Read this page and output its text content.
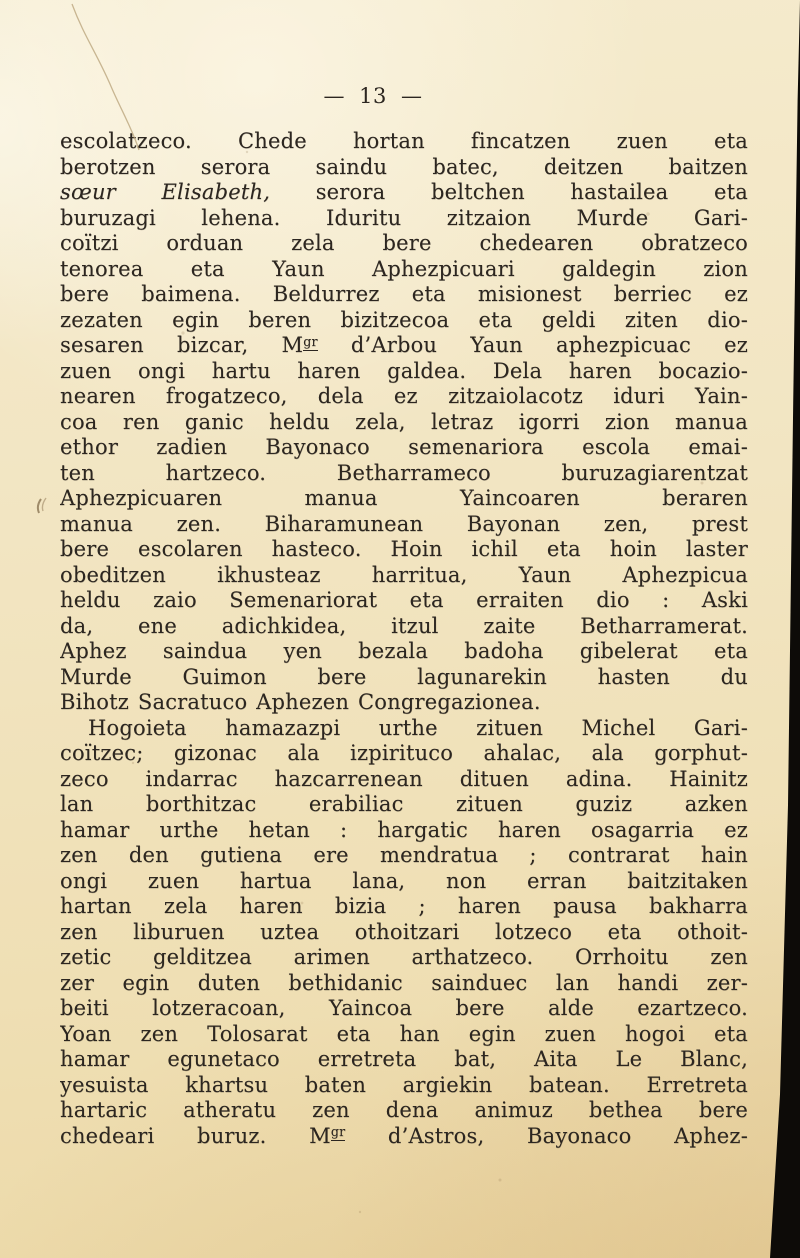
— 13 —
escolatzeco. Chede hortan fincatzen zuen eta
berotzen serora saindu batec, deitzen baitzen
sœur Elisabeth, serora beltchen hastailea eta
buruzagi lehena. Iduritu zitzaion Murde Gari-
coïtzi orduan zela bere chedearen obratzeco
tenorea eta Yaun Aphezpicuari galdegin zion
bere baimena. Beldurrez eta misionest berriec ez
zezaten egin beren bizitzecoa eta geldi ziten dio-
sesaren bizcar, $M^{gr}$ d’Arbou Yaun aphezpicuac ez
zuen ongi hartu haren galdea. Dela haren bocazio-
nearen frogatzeco, dela ez zitzaiolacotz iduri Yain-
coa ren ganic heldu zela, letraz igorri zion manua
ethor zadien Bayonaco semenariora escola emai-
ten hartzeco. Betharrameco buruzagiarentzat
Aphezpicuaren manua Yaincoaren beraren
manua zen. Biharamunean Bayonan zen, prest
bere escolaren hasteco. Hoin ichil eta hoin laster
obeditzen ikhusteaz harritua, Yaun Aphezpicua
heldu zaio Semenariorat eta erraiten dio : Aski
da, ene adichkidea, itzul zaite Betharramerat.
Aphez saindua yen bezala badoha gibelerat eta
Murde Guimon bere lagunarekin hasten du
Bihotz Sacratuco Aphezen Congregazionea.
Hogoieta hamazazpi urthe zituen Michel Gari-
coïtzec; gizonac ala izpirituco ahalac, ala gorphut-
zeco indarrac hazcarrenean dituen adina. Hainitz
lan borthitzac erabiliac zituen guziz azken
hamar urthe hetan : hargatic haren osagarria ez
zen den gutiena ere mendratua ; contrarat hain
ongi zuen hartua lana, non erran baitzitaken
hartan zela haren bizia ; haren pausa bakharra
zen liburuen uztea othoitzari lotzeco eta othoit-
zetic gelditzea arimen arthatzeco. Orrhoitu zen
zer egin duten bethidanic sainduec lan handi zer-
beiti lotzeracoan, Yaincoa bere alde ezartzeco.
Yoan zen Tolosarat eta han egin zuen hogoi eta
hamar egunetaco erretreta bat, Aita Le Blanc,
yesuista khartsu baten argiekin batean. Erretreta
hartaric atheratu zen dena animuz bethea bere
chedeari buruz. $M^{gr}$ d’Astros, Bayonaco Aphez-
